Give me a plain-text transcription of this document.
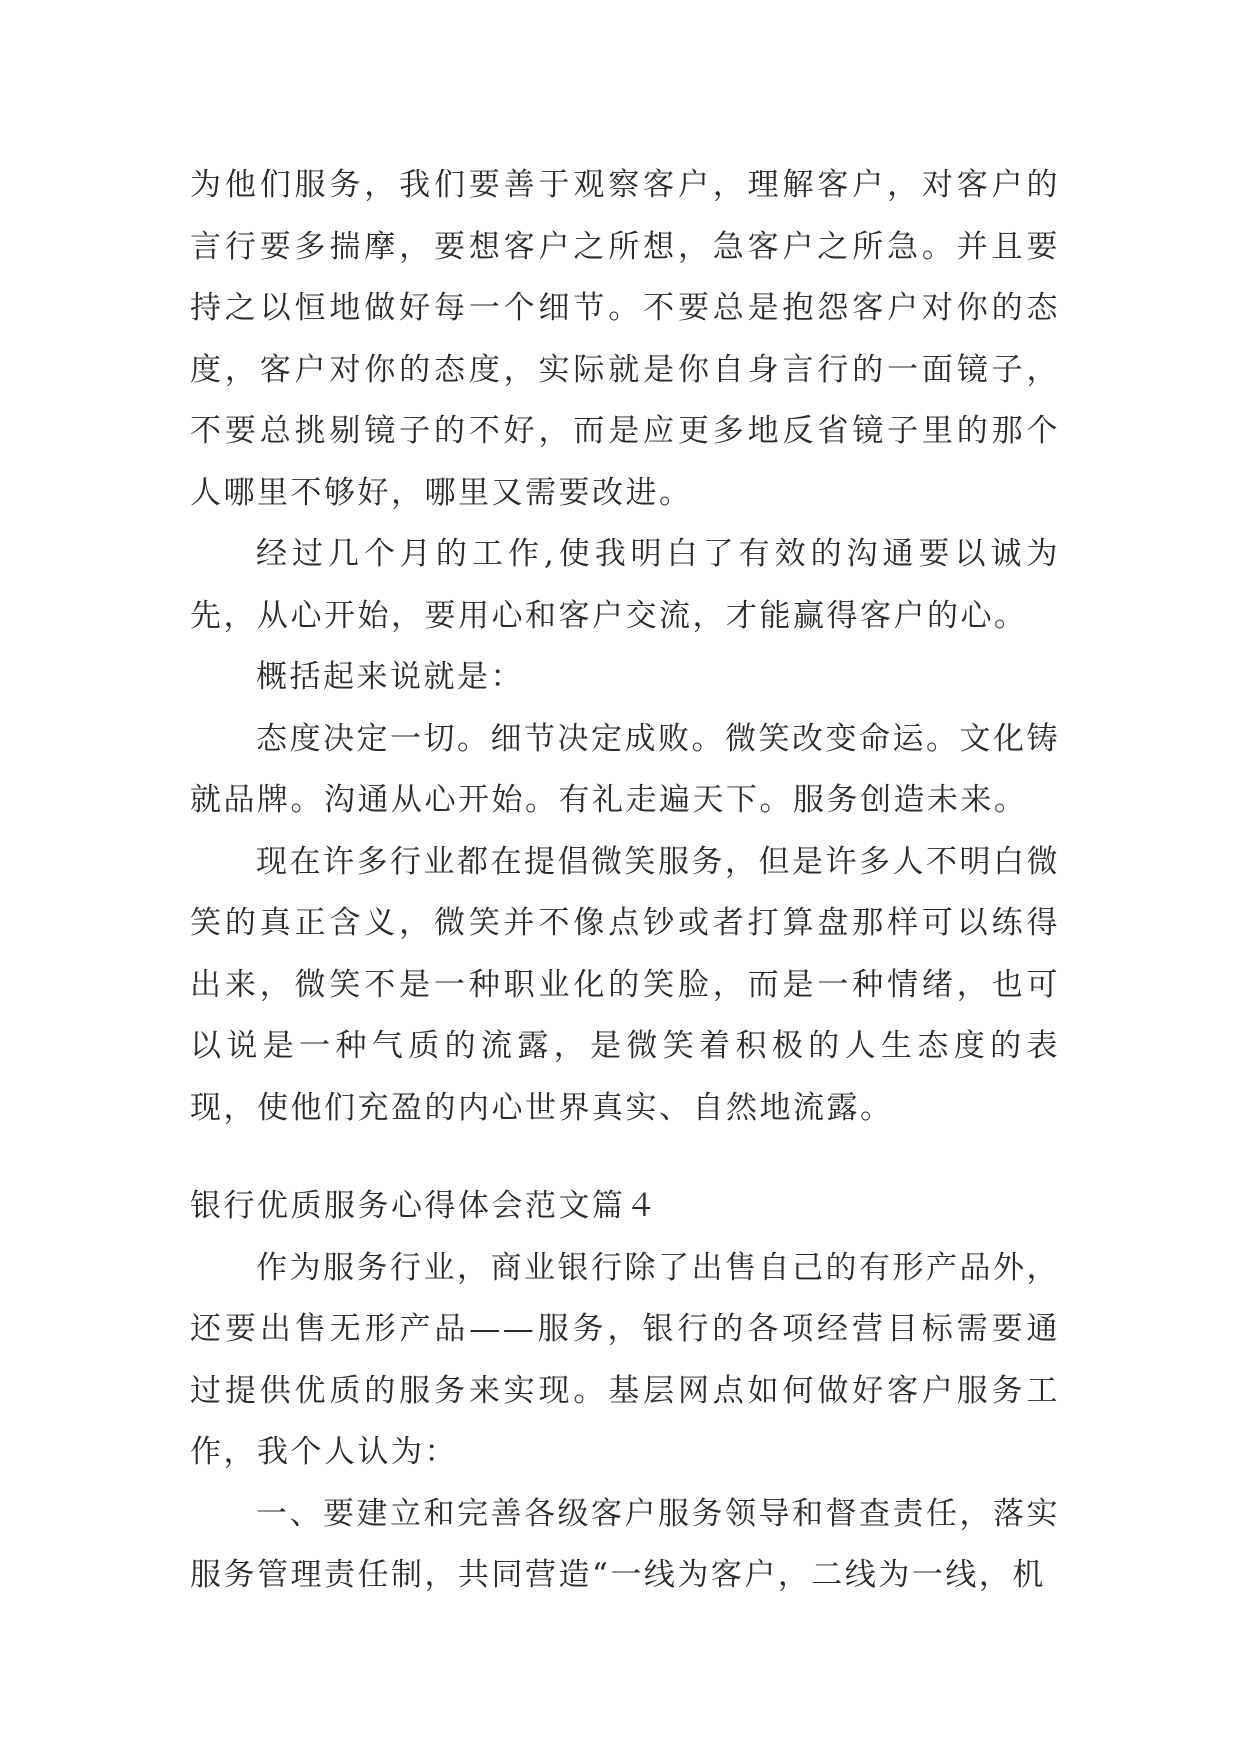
为他们服务，我们要善于观察客户，理解客户，对客户的言行要多揣摩，要想客户之所想，急客户之所急。并且要持之以恒地做好每一个细节。不要总是抱怨客户对你的态度，客户对你的态度，实际就是你自身言行的一面镜子，不要总挑剔镜子的不好，而是应更多地反省镜子里的那个人哪里不够好，哪里又需要改进。

经过几个月的工作,使我明白了有效的沟通要以诚为先，从心开始，要用心和客户交流，才能赢得客户的心。

概括起来说就是：

态度决定一切。细节决定成败。微笑改变命运。文化铸就品牌。沟通从心开始。有礼走遍天下。服务创造未来。

现在许多行业都在提倡微笑服务，但是许多人不明白微笑的真正含义，微笑并不像点钞或者打算盘那样可以练得出来，微笑不是一种职业化的笑脸，而是一种情绪，也可以说是一种气质的流露，是微笑着积极的人生态度的表现，使他们充盈的内心世界真实、自然地流露。

银行优质服务心得体会范文篇４

作为服务行业，商业银行除了出售自己的有形产品外，还要出售无形产品——服务，银行的各项经营目标需要通过提供优质的服务来实现。基层网点如何做好客户服务工作，我个人认为：

一、要建立和完善各级客户服务领导和督查责任，落实服务管理责任制，共同营造“一线为客户，二线为一线，机
